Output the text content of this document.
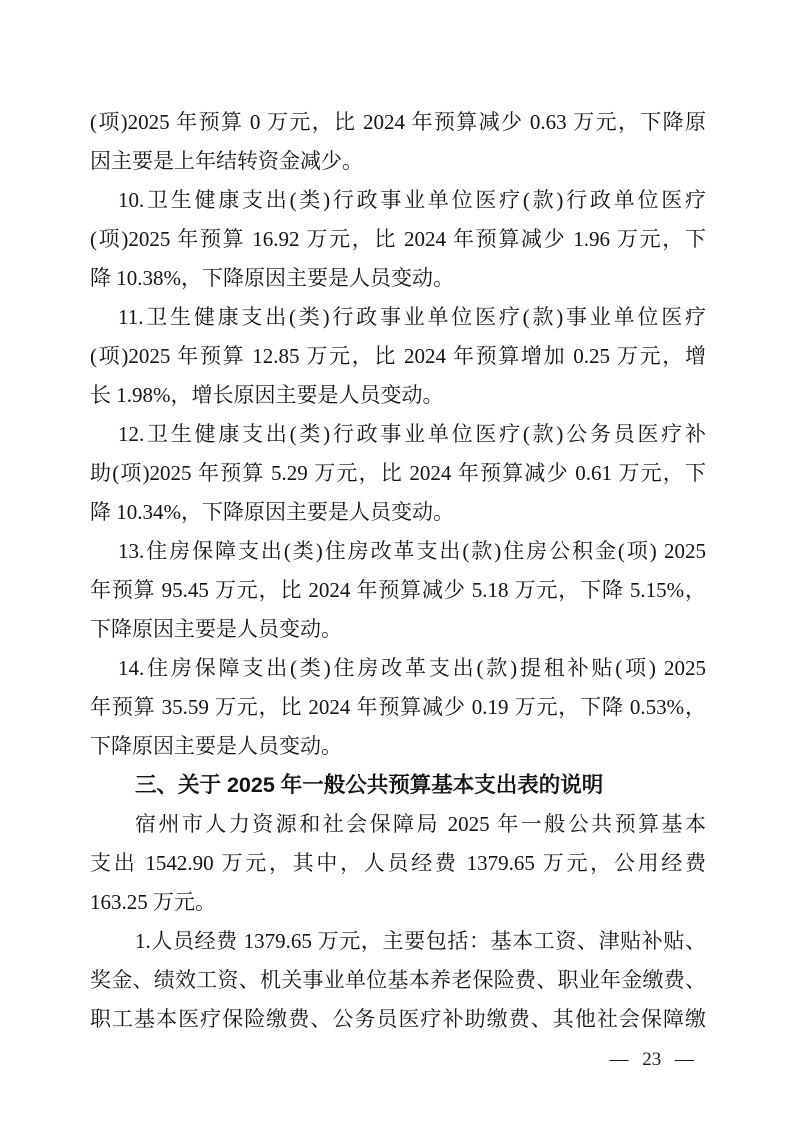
(项)2025 年预算 0 万元，比 2024 年预算减少 0.63 万元，下降原
因主要是上年结转资金减少。
10.卫生健康支出(类)行政事业单位医疗(款)行政单位医疗
(项)2025 年预算 16.92 万元，比 2024 年预算减少 1.96 万元，下
降 10.38%，下降原因主要是人员变动。
11.卫生健康支出(类)行政事业单位医疗(款)事业单位医疗
(项)2025 年预算 12.85 万元，比 2024 年预算增加 0.25 万元，增
长 1.98%，增长原因主要是人员变动。
12.卫生健康支出(类)行政事业单位医疗(款)公务员医疗补
助(项)2025 年预算 5.29 万元，比 2024 年预算减少 0.61 万元，下
降 10.34%，下降原因主要是人员变动。
13.住房保障支出(类)住房改革支出(款)住房公积金(项) 2025
年预算 95.45 万元，比 2024 年预算减少 5.18 万元，下降 5.15%，
下降原因主要是人员变动。
14.住房保障支出(类)住房改革支出(款)提租补贴(项) 2025
年预算 35.59 万元，比 2024 年预算减少 0.19 万元，下降 0.53%，
下降原因主要是人员变动。
三、关于 2025 年一般公共预算基本支出表的说明
宿州市人力资源和社会保障局 2025 年一般公共预算基本
支出 1542.90 万元，其中，人员经费 1379.65 万元，公用经费
163.25 万元。
1.人员经费 1379.65 万元，主要包括：基本工资、津贴补贴、
奖金、绩效工资、机关事业单位基本养老保险费、职业年金缴费、
职工基本医疗保险缴费、公务员医疗补助缴费、其他社会保障缴
— 23 —
